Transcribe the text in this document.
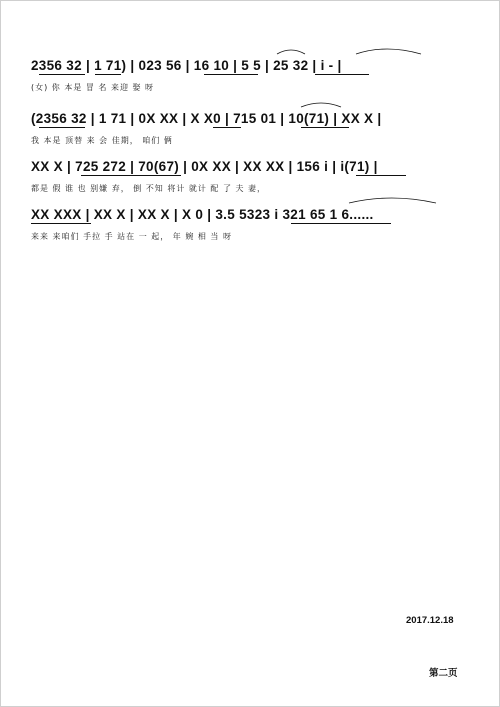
2356 32 | 1 71) | 023 56 | 16 10 | 5 5 | 25 32 | i - |
(女) 你 本是 冒 名 来迎 娶 呀
(2356 32 | 1 71 | 0X XX | X X0 | 715 01 | 10(71) | XX X |
我 本是 顶替 来 会 佳期， 咱们 俩
XX X | 725 272 | 70(67) | 0X XX | XX XX | 156 i | i(71) |
都是 假 谁 也 别嫌 弃， 倒 不知 将计 就计 配 了 夫 妻，
XX XXX | XX X | XX X | X 0 | 3.5 5323 i 321 65 1 6......
来来 来咱们 手拉 手 站在 一 起， 年 婉 相 当 呀
2017.12.18
第二页
